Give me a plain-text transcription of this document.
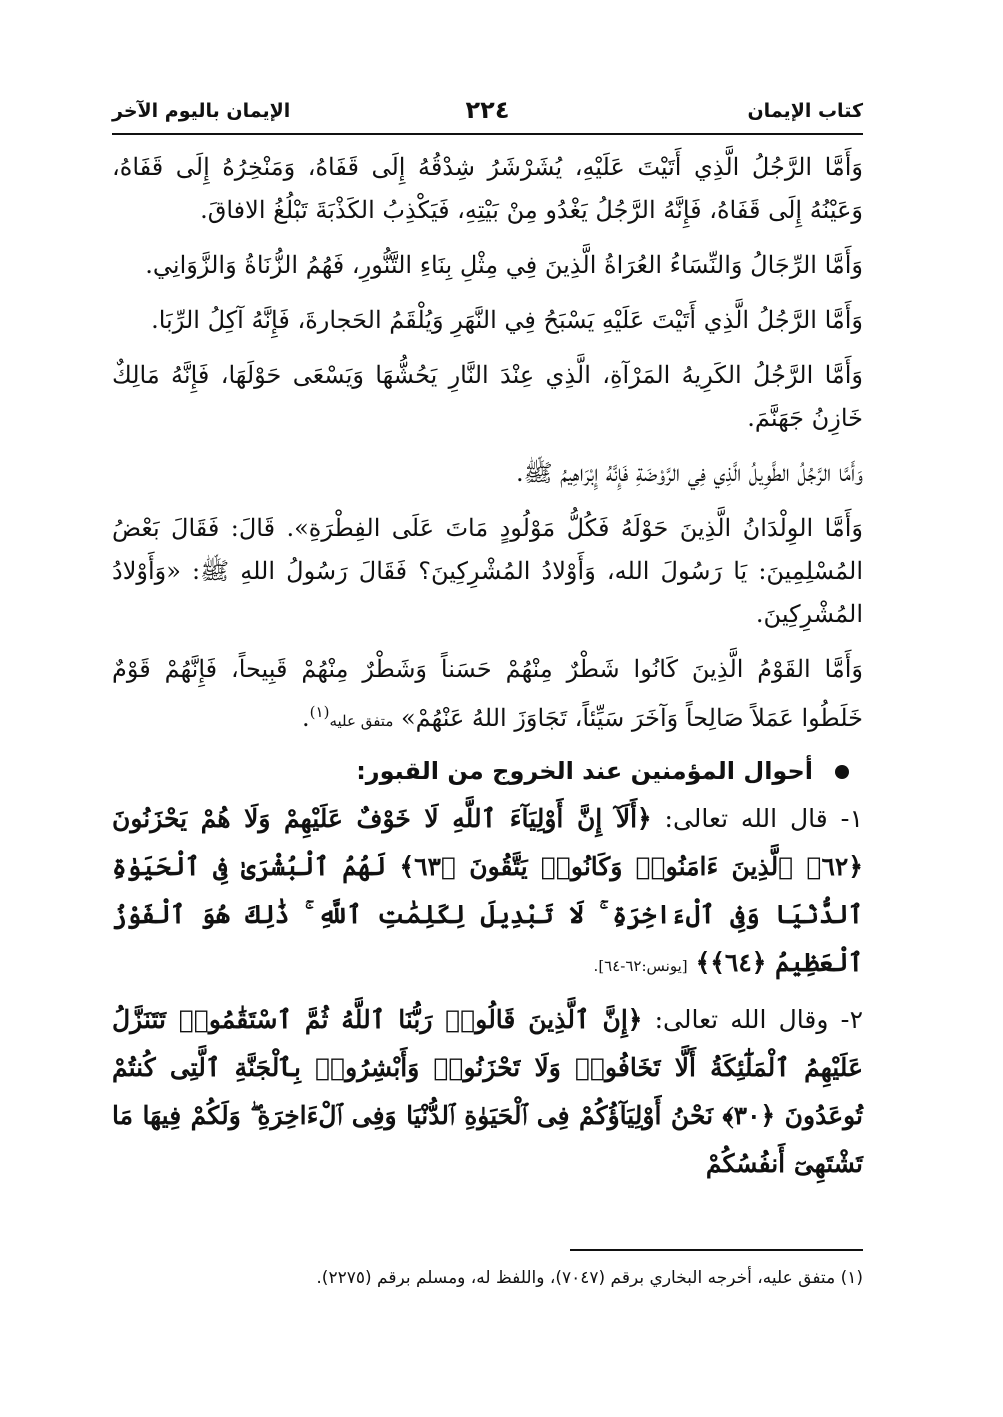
كتاب الإيمان
٢٢٤
الإيمان باليوم الآخر

وَأَمَّا الرَّجُلُ الَّذِي أَتَيْتَ عَلَيْهِ، يُشَرْشَرُ شِدْقُهُ إِلَى قَفَاهُ، وَمَنْخِرُهُ إِلَى قَفَاهُ، وَعَيْنُهُ إِلَى قَفَاهُ، فَإِنَّهُ الرَّجُلُ يَغْدُو مِنْ بَيْتِهِ، فَيَكْذِبُ الكَذْبَةَ تَبْلُغُ الافاقَ.

وَأَمَّا الرِّجَالُ وَالنِّسَاءُ العُرَاةُ الَّذِينَ فِي مِثْلِ بِنَاءِ التَّنُّورِ، فَهُمُ الزُّنَاةُ وَالزَّوَانِي.

وَأَمَّا الرَّجُلُ الَّذِي أَتَيْتَ عَلَيْهِ يَسْبَحُ فِي النَّهَرِ وَيُلْقَمُ الحَجارةَ، فَإِنَّهُ آكِلُ الرِّبَا.

وَأَمَّا الرَّجُلُ الكَرِيهُ المَرْآةِ، الَّذِي عِنْدَ النَّارِ يَحُشُّهَا وَيَسْعَى حَوْلَهَا، فَإِنَّهُ مَالِكٌ خَازِنُ جَهَنَّمَ.

وَأَمَّا الرَّجُلُ الطَّوِيلُ الَّذِي فِي الرَّوْضَةِ فَإِنَّهُ إِبْرَاهِيمُ ﷺ.

وَأَمَّا الوِلْدَانُ الَّذِينَ حَوْلَهُ فَكُلُّ مَوْلُودٍ مَاتَ عَلَى الفِطْرَةِ». قَالَ: فَقَالَ بَعْضُ المُسْلِمِينَ: يَا رَسُولَ الله، وَأَوْلادُ المُشْرِكِينَ؟ فَقَالَ رَسُولُ اللهِ ﷺ: «وَأَوْلادُ المُشْرِكِينَ.

وَأَمَّا القَوْمُ الَّذِينَ كَانُوا شَطْرٌ مِنْهُمْ حَسَناً وَشَطْرٌ مِنْهُمْ قَبِيحاً، فَإِنَّهُمْ قَوْمٌ خَلَطُوا عَمَلاً صَالِحاً وَآخَرَ سَيِّئاً، تَجَاوَزَ اللهُ عَنْهُمْ» متفق عليه$^{(١)}$.

أحوال المؤمنين عند الخروج من القبور:

١- قال الله تعالى: ﴿أَلَآ إِنَّ أَوْلِيَآءَ ٱللَّهِ لَا خَوْفٌ عَلَيْهِمْ وَلَا هُمْ يَحْزَنُونَ ﴿٦٢﴾ ٱلَّذِينَ ءَامَنُوا۟ وَكَانُوا۟ يَتَّقُونَ ﴿٦٣﴾ لَهُمُ ٱلْبُشْرَىٰ فِى ٱلْحَيَوٰةِ ٱلدُّنْيَا وَفِى ٱلْءَاخِرَةِ ۚ لَا تَبْدِيلَ لِكَلِمَٰتِ ٱللَّهِ ۚ ذَٰلِكَ هُوَ ٱلْفَوْزُ ٱلْعَظِيمُ ﴿٦٤﴾﴾ [يونس:٦٢-٦٤].

٢- وقال الله تعالى: ﴿إِنَّ ٱلَّذِينَ قَالُوا۟ رَبُّنَا ٱللَّهُ ثُمَّ ٱسْتَقَٰمُوا۟ تَتَنَزَّلُ عَلَيْهِمُ ٱلْمَلَٰٓئِكَةُ أَلَّا تَخَافُوا۟ وَلَا تَحْزَنُوا۟ وَأَبْشِرُوا۟ بِٱلْجَنَّةِ ٱلَّتِى كُنتُمْ تُوعَدُونَ ﴿٣٠﴾ نَحْنُ أَوْلِيَآؤُكُمْ فِى ٱلْحَيَوٰةِ ٱلدُّنْيَا وَفِى ٱلْءَاخِرَةِ ۖ وَلَكُمْ فِيهَا مَا تَشْتَهِىٓ أَنفُسُكُمْ

(١) متفق عليه، أخرجه البخاري برقم (٧٠٤٧)، واللفظ له، ومسلم برقم (٢٢٧٥).
